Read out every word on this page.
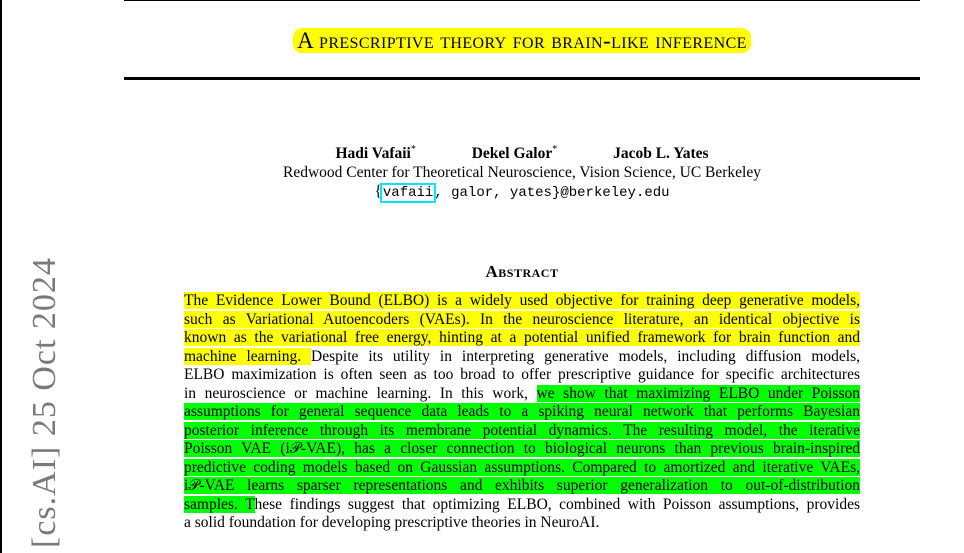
[cs.AI] 25 Oct 2024
A prescriptive theory for brain-like inference
Hadi Vafaii*	Dekel Galor*	Jacob L. Yates
Redwood Center for Theoretical Neuroscience, Vision Science, UC Berkeley
{vafaii, galor, yates}@berkeley.edu
Abstract
The Evidence Lower Bound (ELBO) is a widely used objective for training deep generative models,
such as Variational Autoencoders (VAEs). In the neuroscience literature, an identical objective is
known as the variational free energy, hinting at a potential unified framework for brain function and
machine learning. Despite its utility in interpreting generative models, including diffusion models,
ELBO maximization is often seen as too broad to offer prescriptive guidance for specific architectures
in neuroscience or machine learning. In this work, we show that maximizing ELBO under Poisson
assumptions for general sequence data leads to a spiking neural network that performs Bayesian
posterior inference through its membrane potential dynamics. The resulting model, the iterative
Poisson VAE (i𝒫-VAE), has a closer connection to biological neurons than previous brain-inspired
predictive coding models based on Gaussian assumptions. Compared to amortized and iterative VAEs,
i𝒫-VAE learns sparser representations and exhibits superior generalization to out-of-distribution
samples. These findings suggest that optimizing ELBO, combined with Poisson assumptions, provides
a solid foundation for developing prescriptive theories in NeuroAI.
